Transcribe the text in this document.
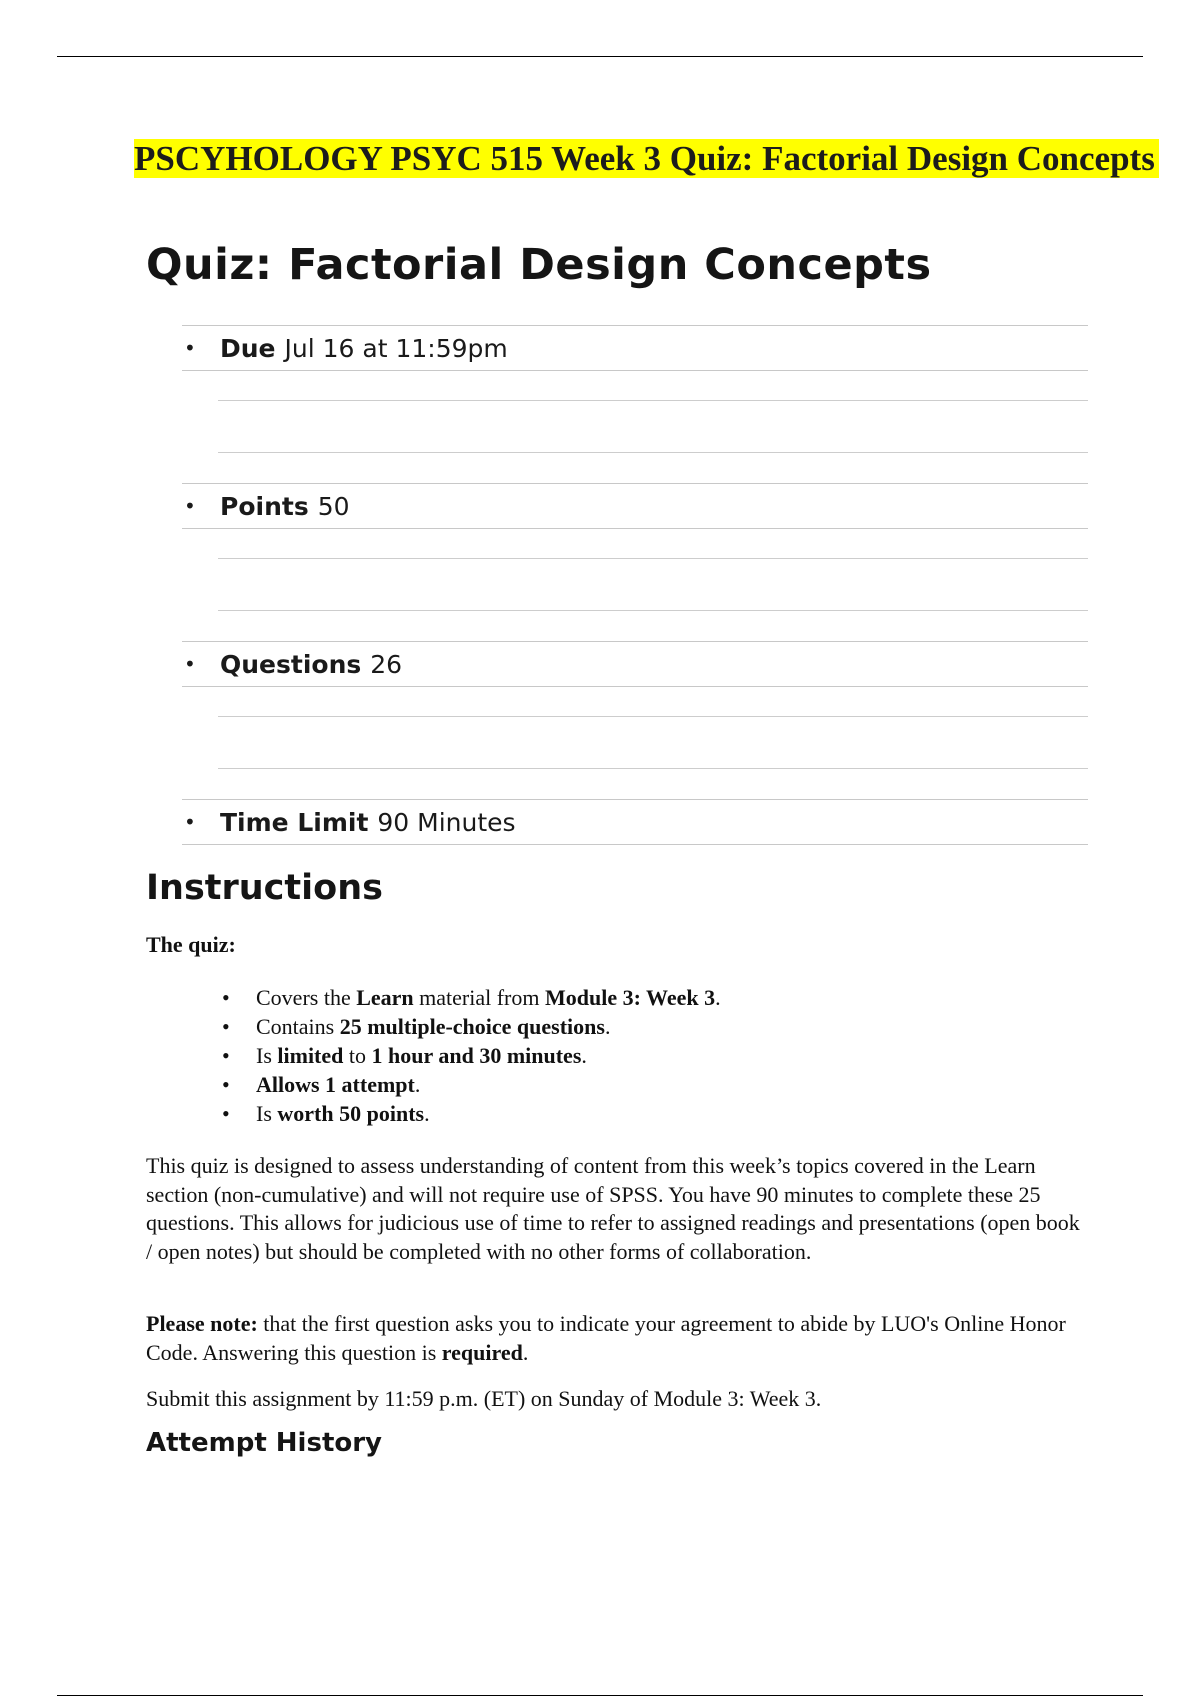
PSCYHOLOGY PSYC 515 Week 3 Quiz: Factorial Design Concepts
Quiz: Factorial Design Concepts
• Due Jul 16 at 11:59pm
• Points 50
• Questions 26
• Time Limit 90 Minutes
Instructions

The quiz:

• Covers the Learn material from Module 3: Week 3.
• Contains 25 multiple-choice questions.
• Is limited to 1 hour and 30 minutes.
• Allows 1 attempt.
• Is worth 50 points.

This quiz is designed to assess understanding of content from this week’s topics covered in the Learn section (non-cumulative) and will not require use of SPSS. You have 90 minutes to complete these 25 questions. This allows for judicious use of time to refer to assigned readings and presentations (open book / open notes) but should be completed with no other forms of collaboration.

Please note: that the first question asks you to indicate your agreement to abide by LUO's Online Honor Code. Answering this question is required.

Submit this assignment by 11:59 p.m. (ET) on Sunday of Module 3: Week 3.

Attempt History
